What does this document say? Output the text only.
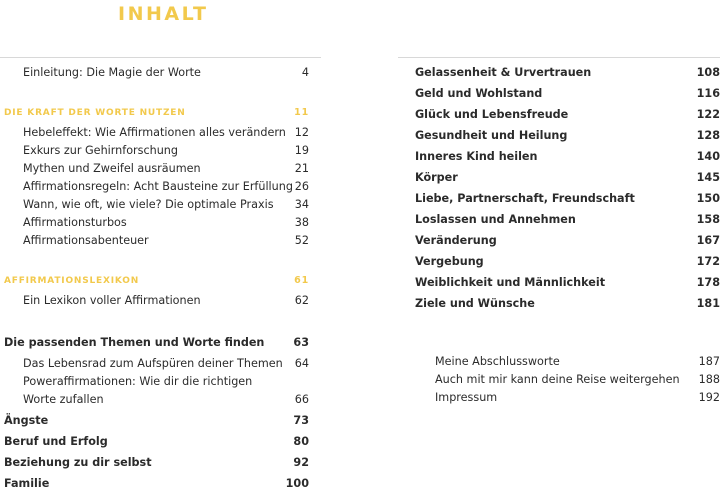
INHALT
Einleitung: Die Magie der Worte	4
DIE KRAFT DER WORTE NUTZEN	11
Hebeleffekt: Wie Affirmationen alles verändern 12
Exkurs zur Gehirnforschung	19
Mythen und Zweifel ausräumen	21
Affirmationsregeln: Acht Bausteine zur Erfüllung 26
Wann, wie oft, wie viele? Die optimale Praxis 34
Affirmationsturbos	38
Affirmationsabenteuer	52
AFFIRMATIONSLEXIKON	61
Ein Lexikon voller Affirmationen	62
Die passenden Themen und Worte finden	63
Das Lebensrad zum Aufspüren deiner Themen 64
Poweraffirmationen: Wie dir die richtigen
Worte zufallen	66
Ängste	73
Beruf und Erfolg	80
Beziehung zu dir selbst	92
Familie	100
Gelassenheit & Urvertrauen	108
Geld und Wohlstand	116
Glück und Lebensfreude	122
Gesundheit und Heilung	128
Inneres Kind heilen	140
Körper	145
Liebe, Partnerschaft, Freundschaft	150
Loslassen und Annehmen	158
Veränderung	167
Vergebung	172
Weiblichkeit und Männlichkeit	178
Ziele und Wünsche	181
Meine Abschlussworte	187
Auch mit mir kann deine Reise weitergehen 188
Impressum	192
